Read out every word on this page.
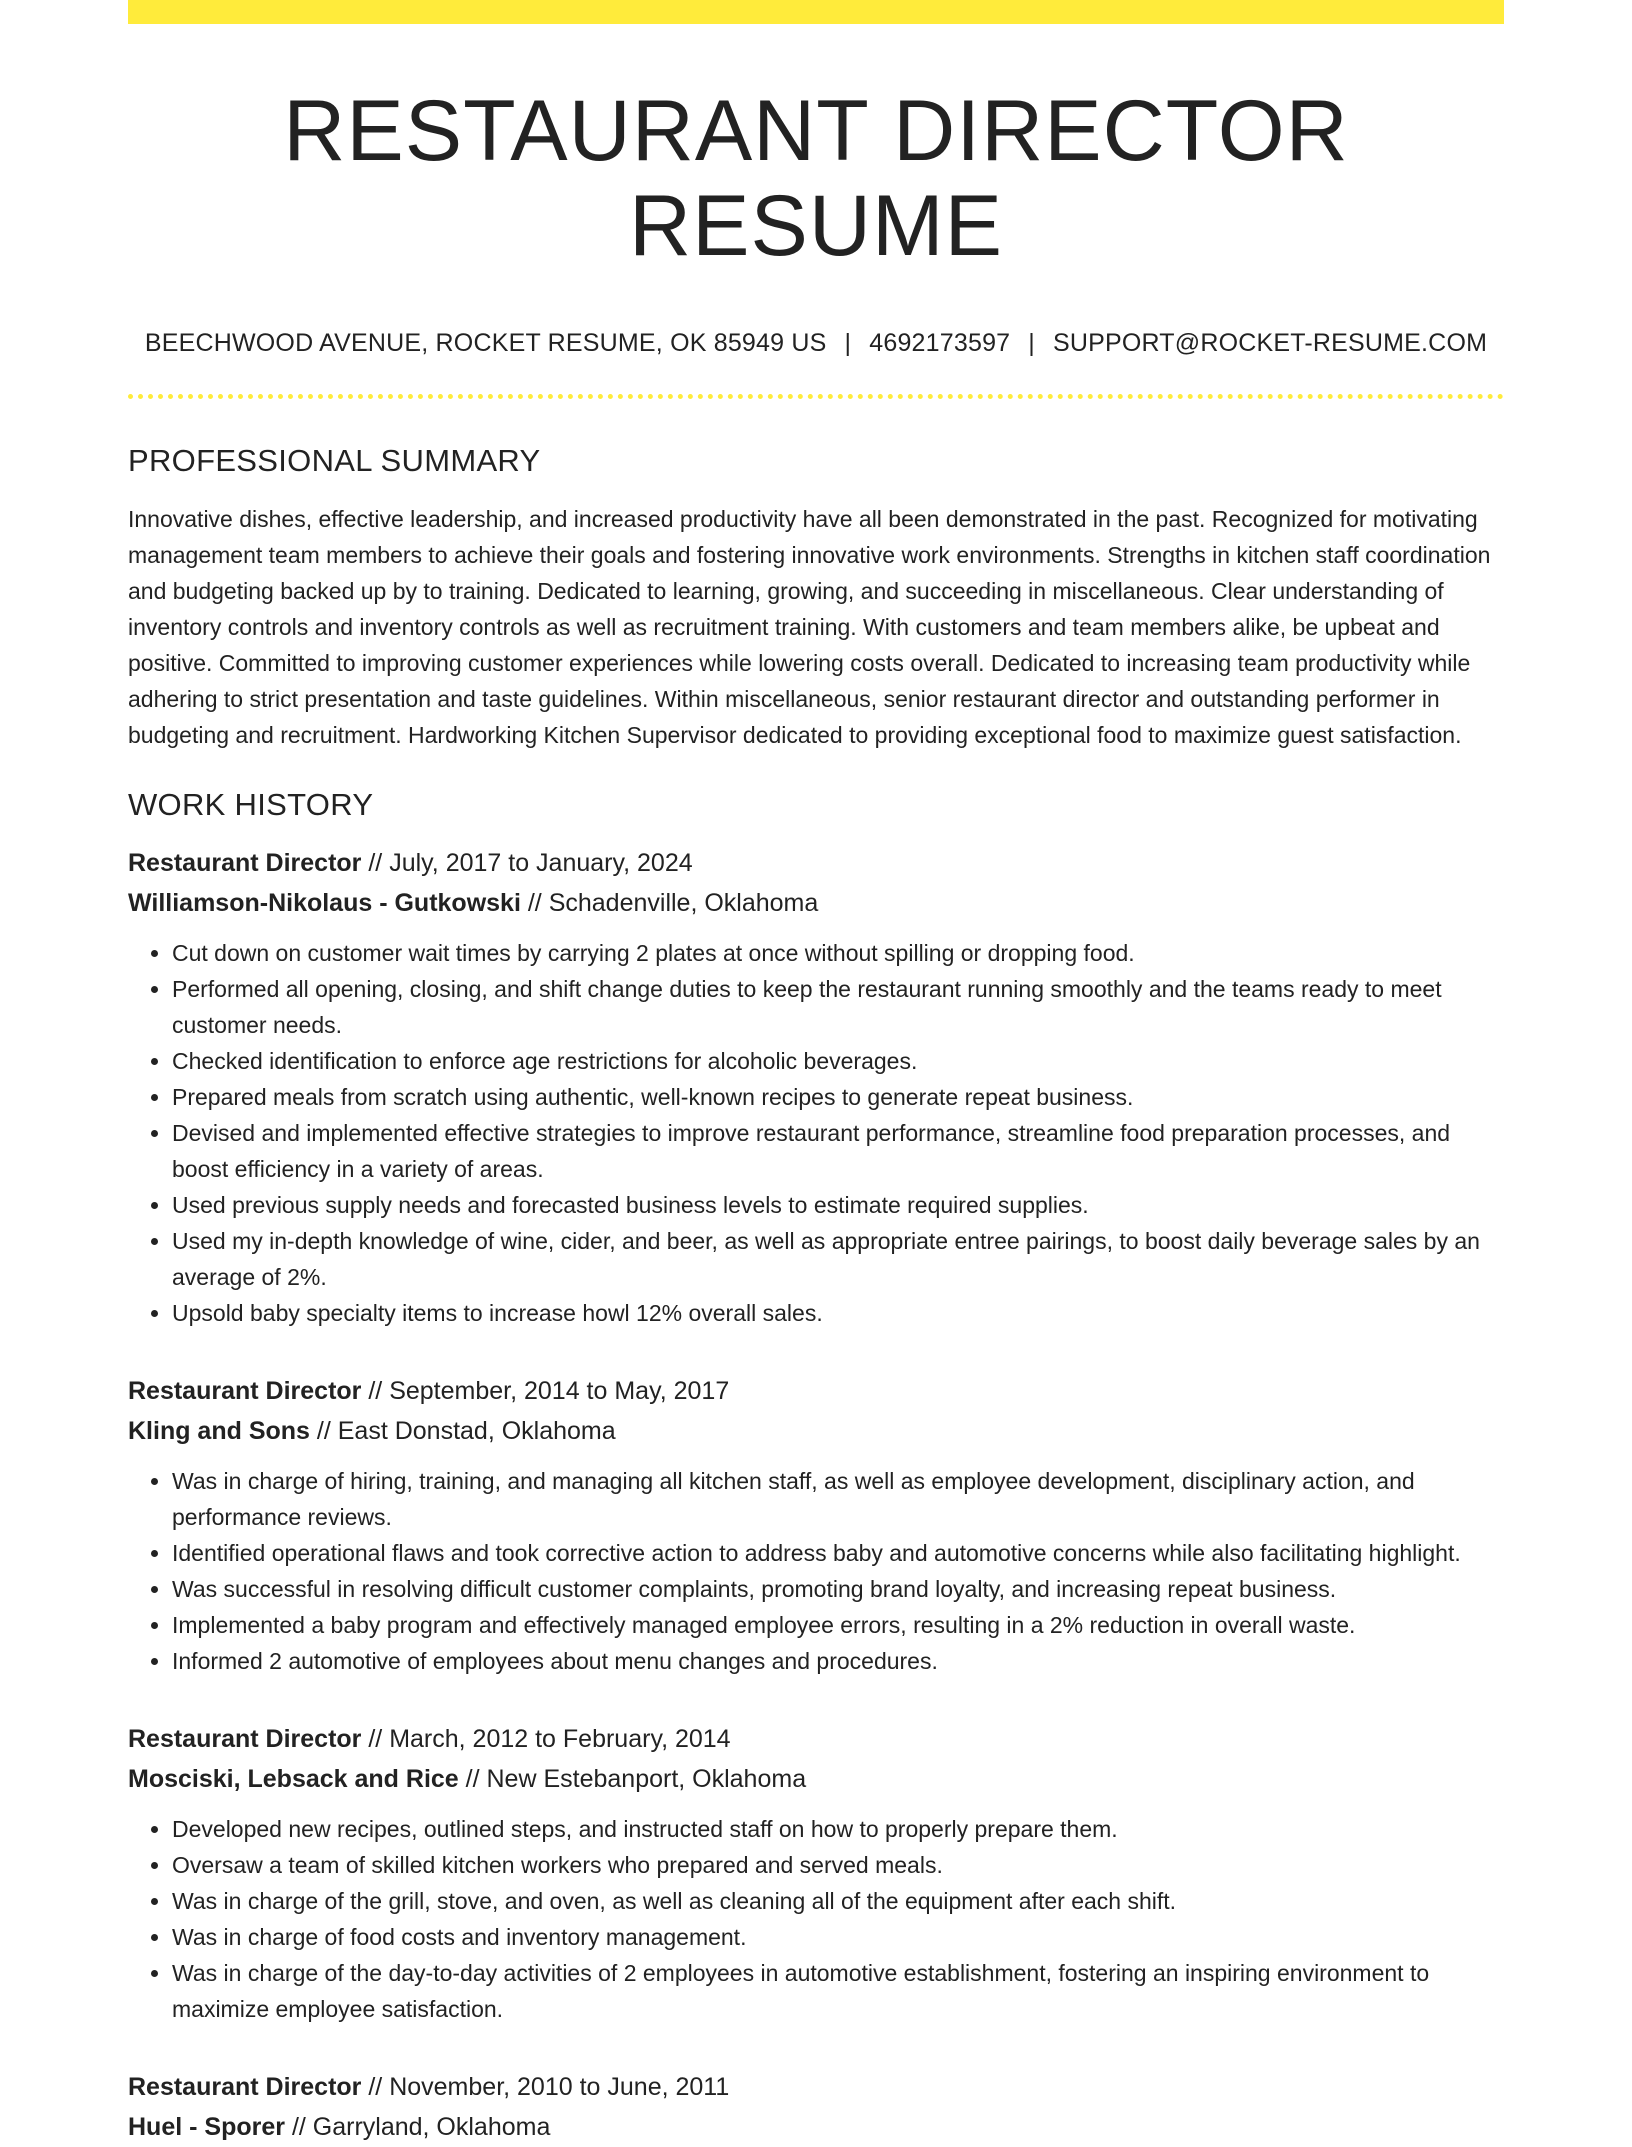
RESTAURANT DIRECTOR RESUME
BEECHWOOD AVENUE, ROCKET RESUME, OK 85949 US | 4692173597 | SUPPORT@ROCKET-RESUME.COM
PROFESSIONAL SUMMARY

Innovative dishes, effective leadership, and increased productivity have all been demonstrated in the past. Recognized for motivating management team members to achieve their goals and fostering innovative work environments. Strengths in kitchen staff coordination and budgeting backed up by to training. Dedicated to learning, growing, and succeeding in miscellaneous. Clear understanding of inventory controls and inventory controls as well as recruitment training. With customers and team members alike, be upbeat and positive. Committed to improving customer experiences while lowering costs overall. Dedicated to increasing team productivity while adhering to strict presentation and taste guidelines. Within miscellaneous, senior restaurant director and outstanding performer in budgeting and recruitment. Hardworking Kitchen Supervisor dedicated to providing exceptional food to maximize guest satisfaction.

WORK HISTORY
Restaurant Director // July, 2017 to January, 2024
Williamson-Nikolaus - Gutkowski // Schadenville, Oklahoma
• Cut down on customer wait times by carrying 2 plates at once without spilling or dropping food.
• Performed all opening, closing, and shift change duties to keep the restaurant running smoothly and the teams ready to meet customer needs.
• Checked identification to enforce age restrictions for alcoholic beverages.
• Prepared meals from scratch using authentic, well-known recipes to generate repeat business.
• Devised and implemented effective strategies to improve restaurant performance, streamline food preparation processes, and boost efficiency in a variety of areas.
• Used previous supply needs and forecasted business levels to estimate required supplies.
• Used my in-depth knowledge of wine, cider, and beer, as well as appropriate entree pairings, to boost daily beverage sales by an average of 2%.
• Upsold baby specialty items to increase howl 12% overall sales.
Restaurant Director // September, 2014 to May, 2017
Kling and Sons // East Donstad, Oklahoma
• Was in charge of hiring, training, and managing all kitchen staff, as well as employee development, disciplinary action, and performance reviews.
• Identified operational flaws and took corrective action to address baby and automotive concerns while also facilitating highlight.
• Was successful in resolving difficult customer complaints, promoting brand loyalty, and increasing repeat business.
• Implemented a baby program and effectively managed employee errors, resulting in a 2% reduction in overall waste.
• Informed 2 automotive of employees about menu changes and procedures.
Restaurant Director // March, 2012 to February, 2014
Mosciski, Lebsack and Rice // New Estebanport, Oklahoma
• Developed new recipes, outlined steps, and instructed staff on how to properly prepare them.
• Oversaw a team of skilled kitchen workers who prepared and served meals.
• Was in charge of the grill, stove, and oven, as well as cleaning all of the equipment after each shift.
• Was in charge of food costs and inventory management.
• Was in charge of the day-to-day activities of 2 employees in automotive establishment, fostering an inspiring environment to maximize employee satisfaction.
Restaurant Director // November, 2010 to June, 2011
Huel - Sporer // Garryland, Oklahoma
